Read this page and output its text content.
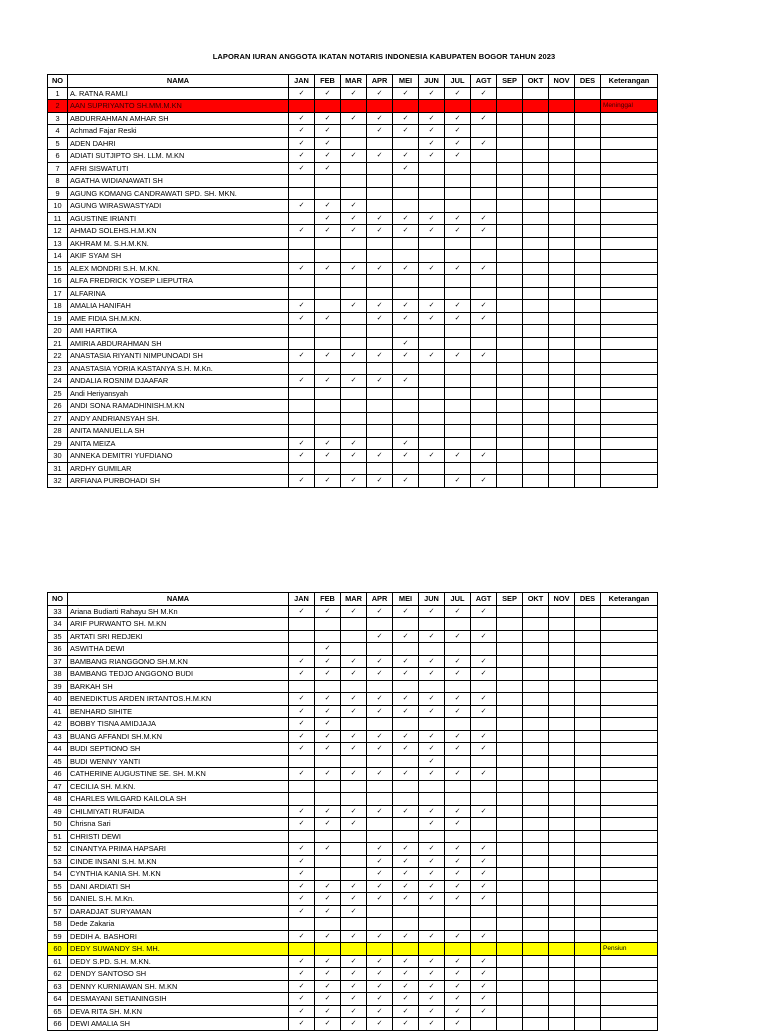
LAPORAN IURAN ANGGOTA IKATAN NOTARIS INDONESIA KABUPATEN BOGOR TAHUN 2023
NO	NAMA	JAN	FEB	MAR	APR	MEI	JUN	JUL	AGT	SEP	OKT	NOV	DES	Keterangan
1	A. RATNA RAMLI	✓	✓	✓	✓	✓	✓	✓	✓					
2	AAN SUPRIYANTO SH.MM.M.KN													Meninggal
3	ABDURRAHMAN AMHAR SH	✓	✓	✓	✓	✓	✓	✓	✓					
4	Achmad Fajar Reski	✓	✓		✓	✓	✓	✓						
5	ADEN DAHRI	✓	✓				✓	✓	✓					
6	ADIATI SUTJIPTO SH. LLM. M.KN	✓	✓	✓	✓	✓	✓	✓						
7	AFRI SISWATUTI	✓	✓			✓								
8	AGATHA WIDIANAWATI SH													
9	AGUNG KOMANG CANDRAWATI SPD. SH. MKN.													
10	AGUNG WIRASWASTYADI	✓	✓	✓										
11	AGUSTINE IRIANTI		✓	✓	✓	✓	✓	✓	✓					
12	AHMAD SOLEHS.H.M.KN	✓	✓	✓	✓	✓	✓	✓	✓					
13	AKHRAM M. S.H.M.KN.													
14	AKIF SYAM SH													
15	ALEX MONDRI S.H. M.KN.	✓	✓	✓	✓	✓	✓	✓	✓					
16	ALFA FREDRICK YOSEP LIEPUTRA													
17	ALFARINA													
18	AMALIA HANIFAH	✓		✓	✓	✓	✓	✓	✓					
19	AME FIDIA SH.M.KN.	✓	✓		✓	✓	✓	✓	✓					
20	AMI HARTIKA													
21	AMIRIA ABDURAHMAN SH					✓								
22	ANASTASIA RIYANTI NIMPUNOADI SH	✓	✓	✓	✓	✓	✓	✓	✓					
23	ANASTASIA YORIA KASTANYA S.H. M.Kn.													
24	ANDALIA ROSNIM DJAAFAR	✓	✓	✓	✓	✓								
25	Andi Heriyansyah													
26	ANDI SONA RAMADHINISH.M.KN													
27	ANDY ANDRIANSYAH SH.													
28	ANITA MANUELLA SH													
29	ANITA MEIZA	✓	✓	✓		✓								
30	ANNEKA DEMITRI YUFDIANO	✓	✓	✓	✓	✓	✓	✓	✓					
31	ARDHY GUMILAR													
32	ARFIANA PURBOHADI SH	✓	✓	✓	✓	✓		✓	✓					
NO	NAMA	JAN	FEB	MAR	APR	MEI	JUN	JUL	AGT	SEP	OKT	NOV	DES	Keterangan
33	Ariana Budiarti Rahayu SH M.Kn	✓	✓	✓	✓	✓	✓	✓	✓					
34	ARIF PURWANTO SH. M.KN													
35	ARTATI SRI REDJEKI				✓	✓	✓	✓	✓					
36	ASWITHA DEWI		✓											
37	BAMBANG RIANGGONO SH.M.KN	✓	✓	✓	✓	✓	✓	✓	✓					
38	BAMBANG TEDJO ANGGONO BUDI	✓	✓	✓	✓	✓	✓	✓	✓					
39	BARKAH SH													
40	BENEDIKTUS ARDEN IRTANTOS.H.M.KN	✓	✓	✓	✓	✓	✓	✓	✓					
41	BENHARD SIHITE	✓	✓	✓	✓	✓	✓	✓	✓					
42	BOBBY TISNA AMIDJAJA	✓	✓											
43	BUANG AFFANDI SH.M.KN	✓	✓	✓	✓	✓	✓	✓	✓					
44	BUDI SEPTIONO SH	✓	✓	✓	✓	✓	✓	✓	✓					
45	BUDI WENNY YANTI						✓							
46	CATHERINE AUGUSTINE SE. SH. M.KN	✓	✓	✓	✓	✓	✓	✓	✓					
47	CECILIA SH. M.KN.													
48	CHARLES WILGARD KAILOLA SH													
49	CHILMIYATI RUFAIDA	✓	✓	✓	✓	✓	✓	✓	✓					
50	Chrisna Sari	✓	✓	✓			✓	✓						
51	CHRISTI DEWI													
52	CINANTYA PRIMA HAPSARI	✓	✓		✓	✓	✓	✓	✓					
53	CINDE INSANI S.H. M.KN	✓			✓	✓	✓	✓	✓					
54	CYNTHIA KANIA SH. M.KN	✓			✓	✓	✓	✓	✓					
55	DANI ARDIATI SH	✓	✓	✓	✓	✓	✓	✓	✓					
56	DANIEL S.H. M.Kn.	✓	✓	✓	✓	✓	✓	✓	✓					
57	DARADJAT SURYAMAN	✓	✓	✓										
58	Dede Zakaria													
59	DEDIH A. BASHORI	✓	✓	✓	✓	✓	✓	✓	✓					
60	DEDY SUWANDY SH. MH.													Pensiun
61	DEDY S.PD. S.H. M.KN.	✓	✓	✓	✓	✓	✓	✓	✓					
62	DENDY SANTOSO SH	✓	✓	✓	✓	✓	✓	✓	✓					
63	DENNY KURNIAWAN SH. M.KN	✓	✓	✓	✓	✓	✓	✓	✓					
64	DESMAYANI SETIANINGSIH	✓	✓	✓	✓	✓	✓	✓	✓					
65	DEVA RITA SH. M.KN	✓	✓	✓	✓	✓	✓	✓	✓					
66	DEWI AMALIA SH	✓	✓	✓	✓	✓	✓	✓						
